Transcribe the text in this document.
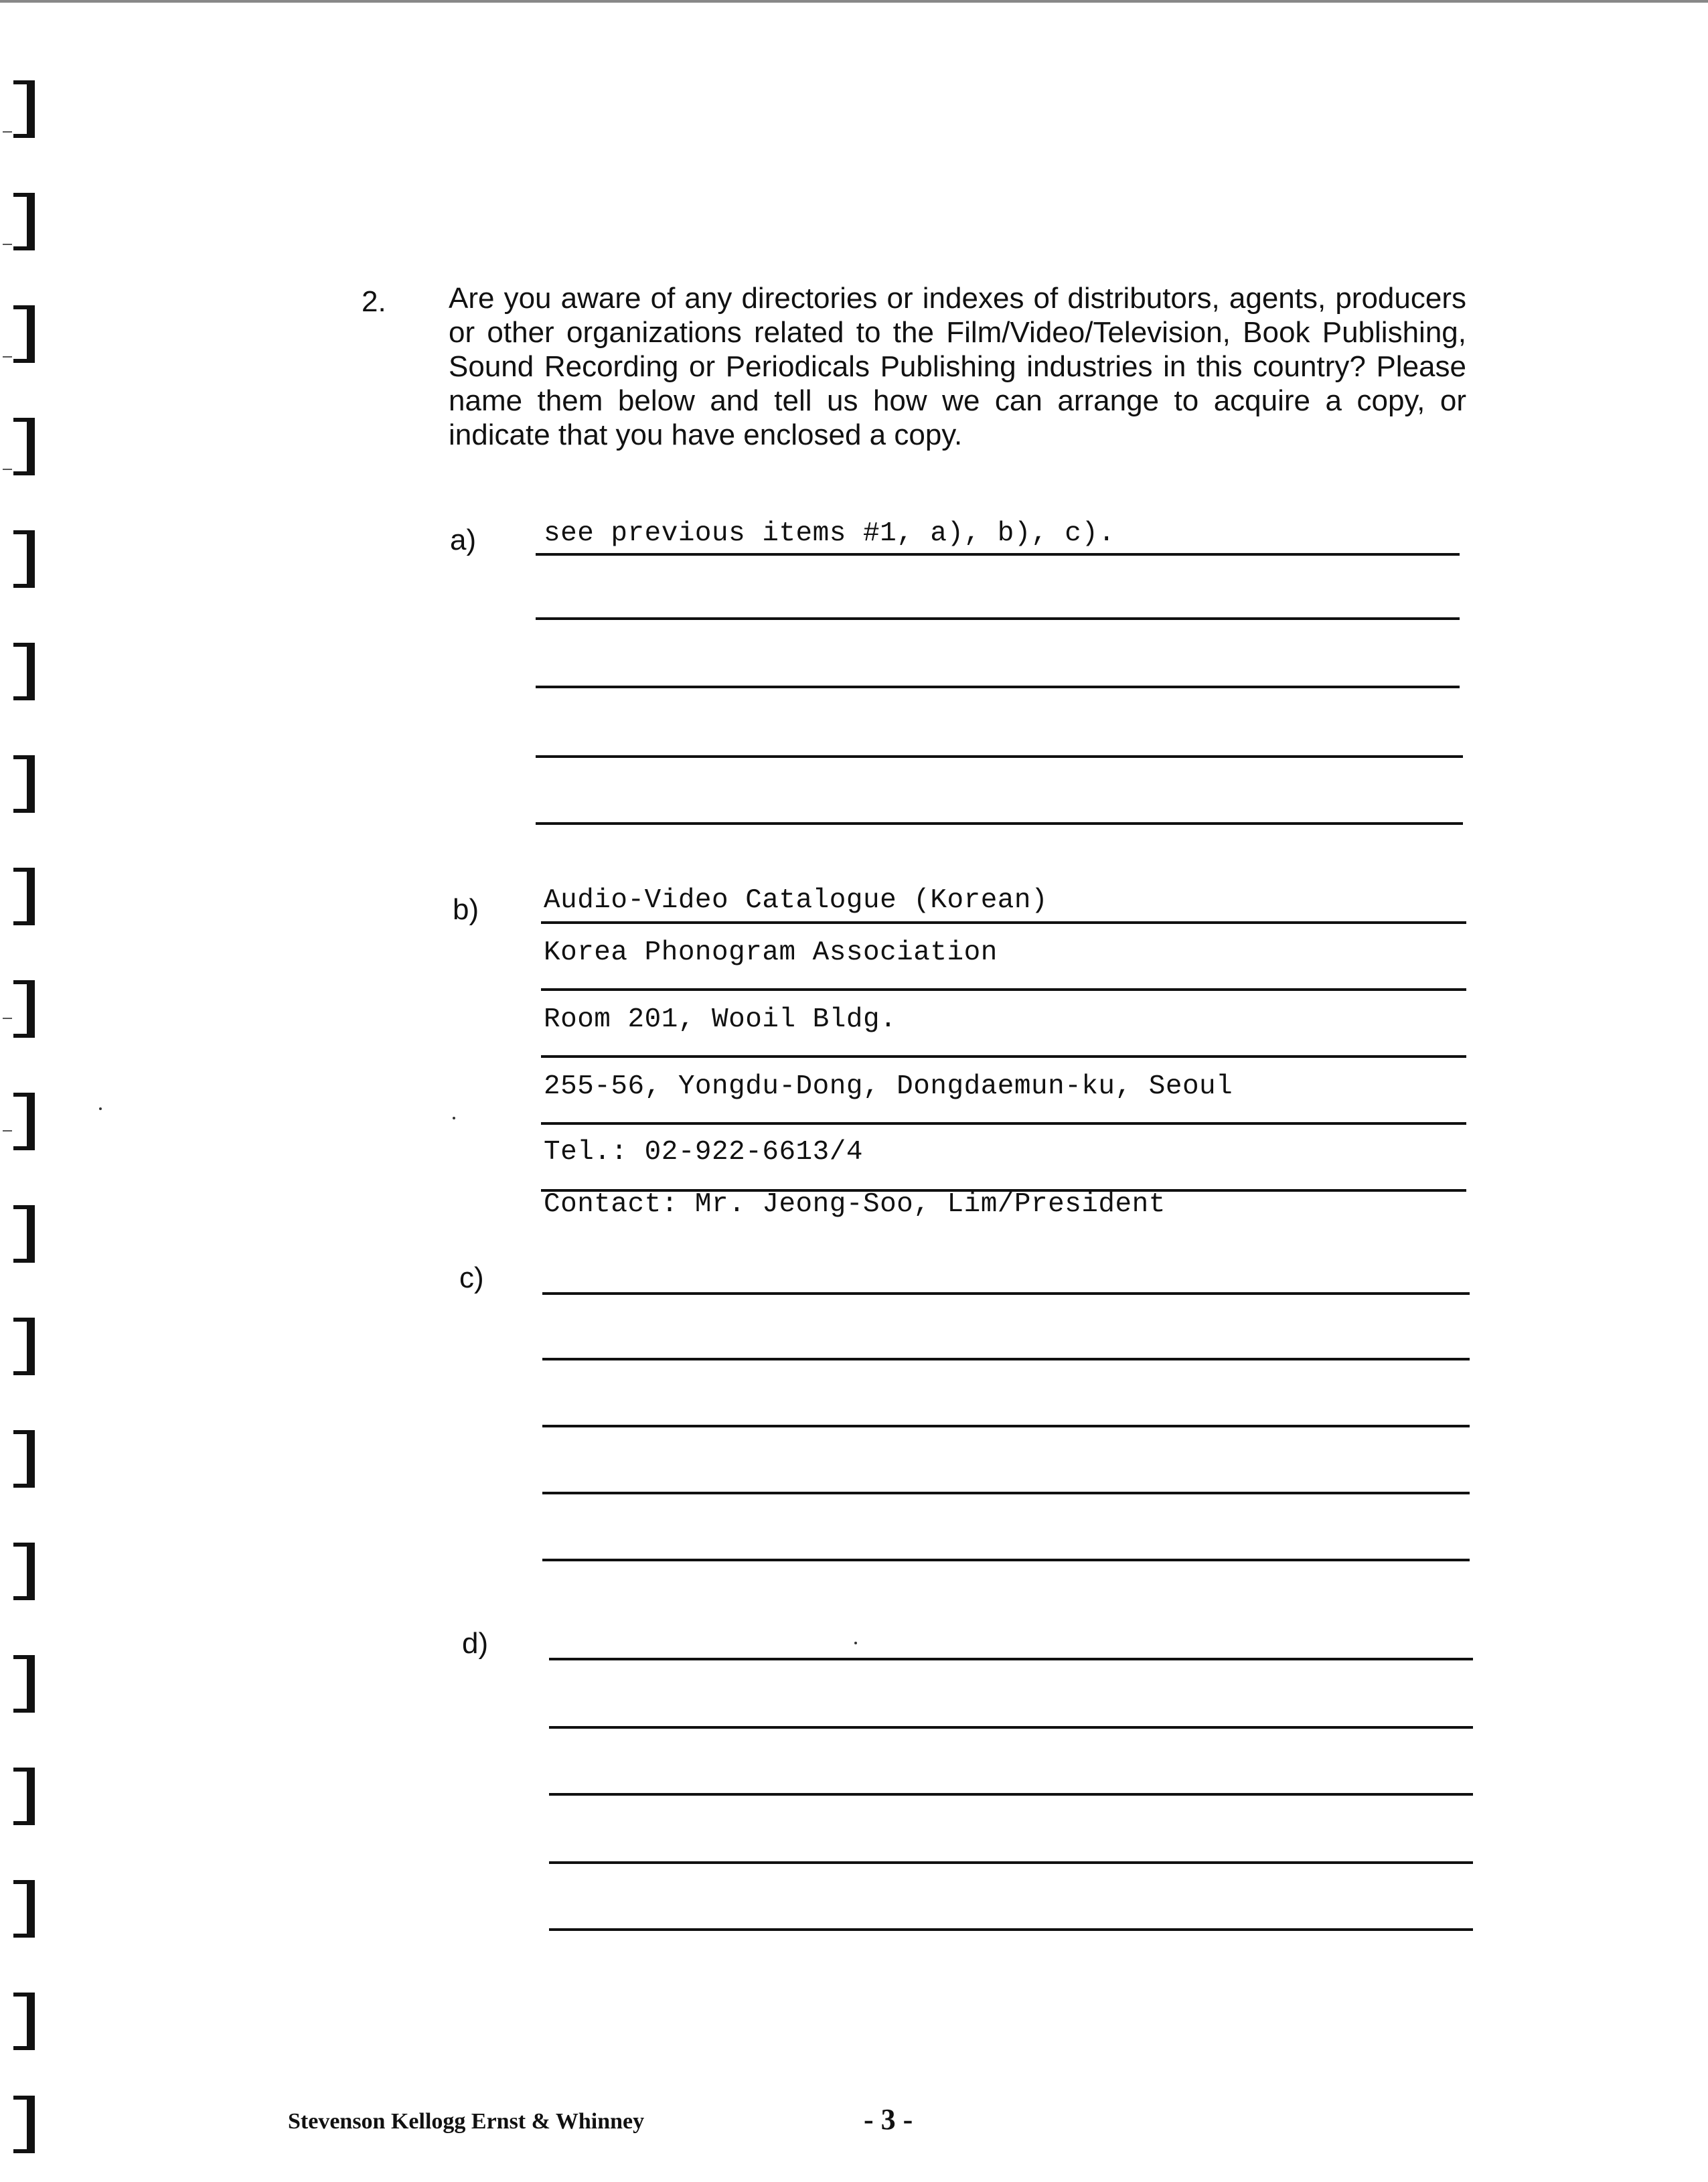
2. Are you aware of any directories or indexes of distributors, agents, producers or other organizations related to the Film/Video/Television, Book Publishing, Sound Recording or Periodicals Publishing industries in this country? Please name them below and tell us how we can arrange to acquire a copy, or indicate that you have enclosed a copy.
a) see previous items #1, a), b), c).
b) Audio-Video Catalogue (Korean)
Korea Phonogram Association
Room 201, Wooil Bldg.
255-56, Yongdu-Dong, Dongdaemun-ku, Seoul
Tel.: 02-922-6613/4
Contact: Mr. Jeong-Soo, Lim/President
c)
d)
Stevenson Kellogg Ernst & Whinney	- 3 -
